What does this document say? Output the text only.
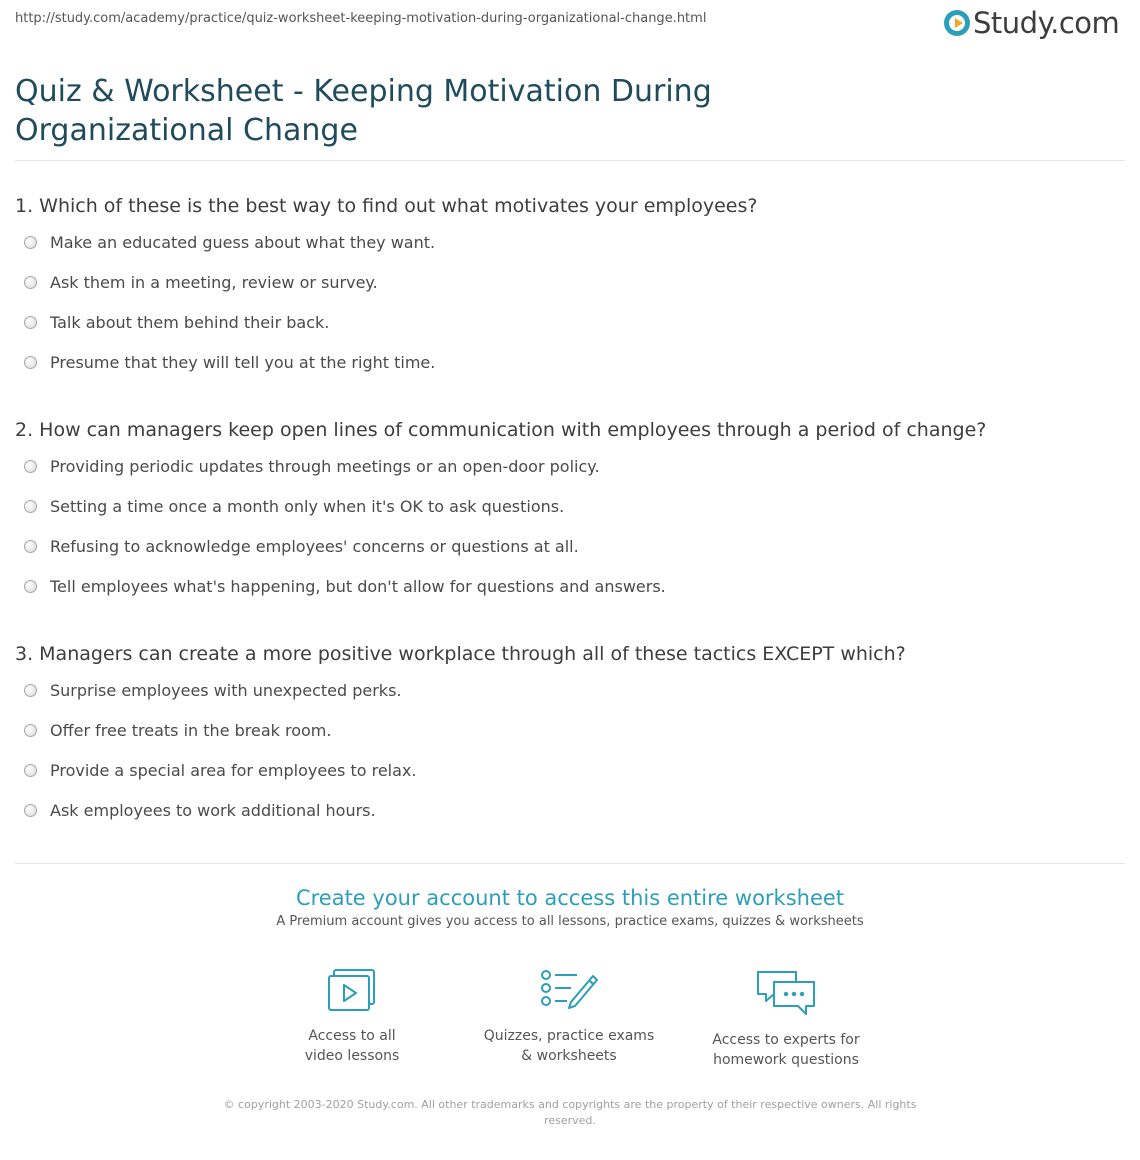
http://study.com/academy/practice/quiz-worksheet-keeping-motivation-during-organizational-change.html	Study.com
Quiz & Worksheet - Keeping Motivation During
Organizational Change
1. Which of these is the best way to find out what motivates your employees?
Make an educated guess about what they want.
Ask them in a meeting, review or survey.
Talk about them behind their back.
Presume that they will tell you at the right time.
2. How can managers keep open lines of communication with employees through a period of change?
Providing periodic updates through meetings or an open-door policy.
Setting a time once a month only when it's OK to ask questions.
Refusing to acknowledge employees' concerns or questions at all.
Tell employees what's happening, but don't allow for questions and answers.
3. Managers can create a more positive workplace through all of these tactics EXCEPT which?
Surprise employees with unexpected perks.
Offer free treats in the break room.
Provide a special area for employees to relax.
Ask employees to work additional hours.
Create your account to access this entire worksheet
A Premium account gives you access to all lessons, practice exams, quizzes & worksheets
Access to all
video lessons
Quizzes, practice exams
& worksheets
Access to experts for
homework questions
© copyright 2003-2020 Study.com. All other trademarks and copyrights are the property of their respective owners. All rights
reserved.
